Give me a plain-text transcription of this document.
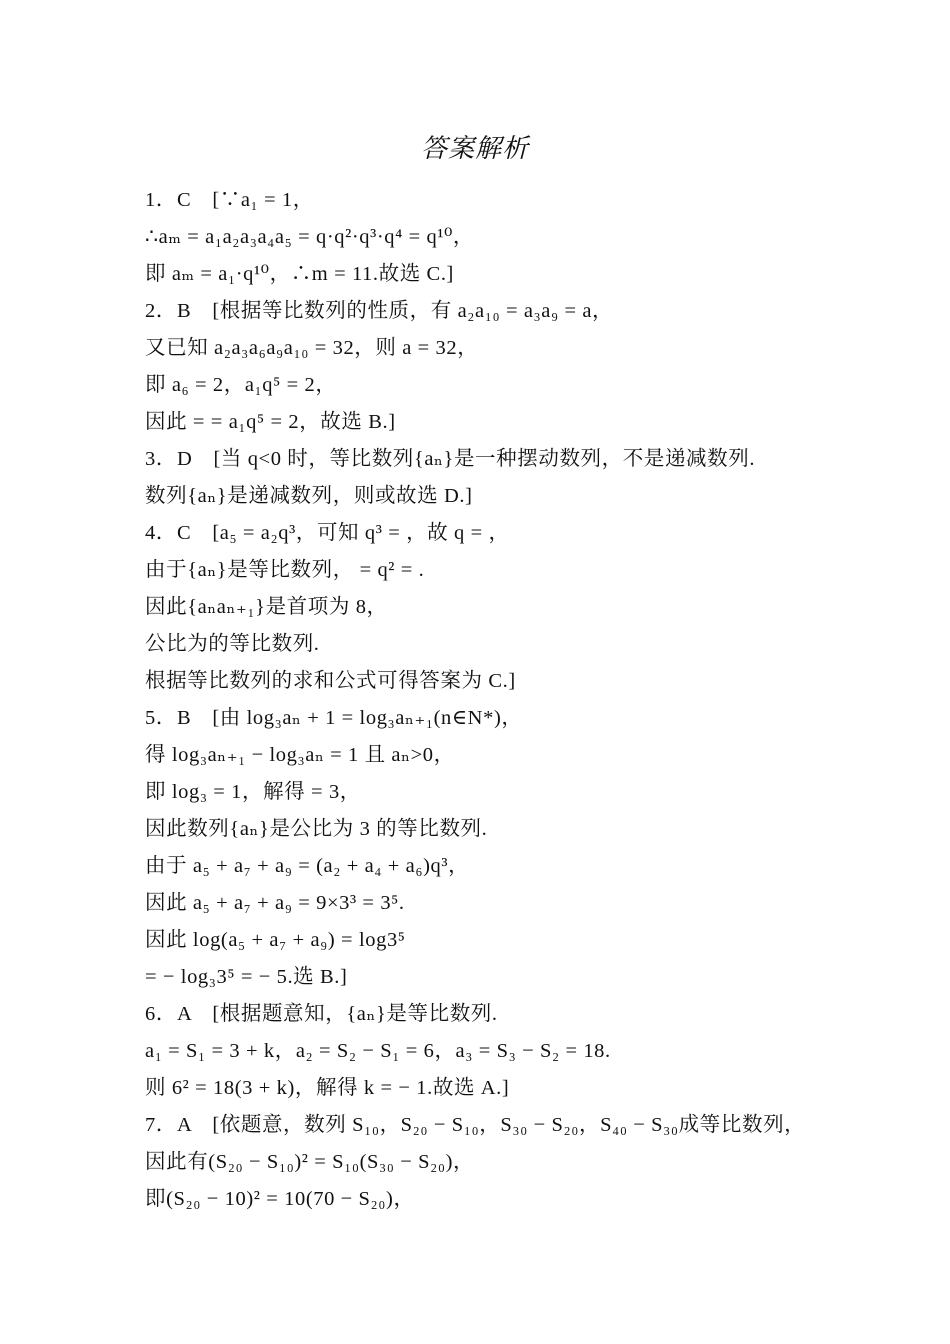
答案解析
1．C　[∵a₁ = 1，
∴aₘ = a₁a₂a₃a₄a₅ = q·q²·q³·q⁴ = q¹⁰，
即 aₘ = a₁·q¹⁰，∴m = 11.故选 C.]
2．B　[根据等比数列的性质，有 a₂a₁₀ = a₃a₉ = a，
又已知 a₂a₃a₆a₉a₁₀ = 32，则 a = 32，
即 a₆ = 2，a₁q⁵ = 2，
因此 = = a₁q⁵ = 2，故选 B.]
3．D　[当 q<0 时，等比数列{aₙ}是一种摆动数列，不是递减数列.
数列{aₙ}是递减数列，则或故选 D.]
4．C　[a₅ = a₂q³，可知 q³ = ，故 q = ，
由于{aₙ}是等比数列， = q² = .
因此{aₙaₙ₊₁}是首项为 8，
公比为的等比数列.
根据等比数列的求和公式可得答案为 C.]
5．B　[由 log₃aₙ + 1 = log₃aₙ₊₁(n∈N*)，
得 log₃aₙ₊₁ − log₃aₙ = 1 且 aₙ>0，
即 log₃ = 1，解得 = 3，
因此数列{aₙ}是公比为 3 的等比数列.
由于 a₅ + a₇ + a₉ = (a₂ + a₄ + a₆)q³，
因此 a₅ + a₇ + a₉ = 9×3³ = 3⁵.
因此 log(a₅ + a₇ + a₉) = log3⁵
= − log₃3⁵ = − 5.选 B.]
6．A　[根据题意知，{aₙ}是等比数列.
a₁ = S₁ = 3 + k，a₂ = S₂ − S₁ = 6，a₃ = S₃ − S₂ = 18.
则 6² = 18(3 + k)，解得 k = − 1.故选 A.]
7．A　[依题意，数列 S₁₀，S₂₀ − S₁₀，S₃₀ − S₂₀，S₄₀ − S₃₀成等比数列，
因此有(S₂₀ − S₁₀)² = S₁₀(S₃₀ − S₂₀)，
即(S₂₀ − 10)² = 10(70 − S₂₀)，
